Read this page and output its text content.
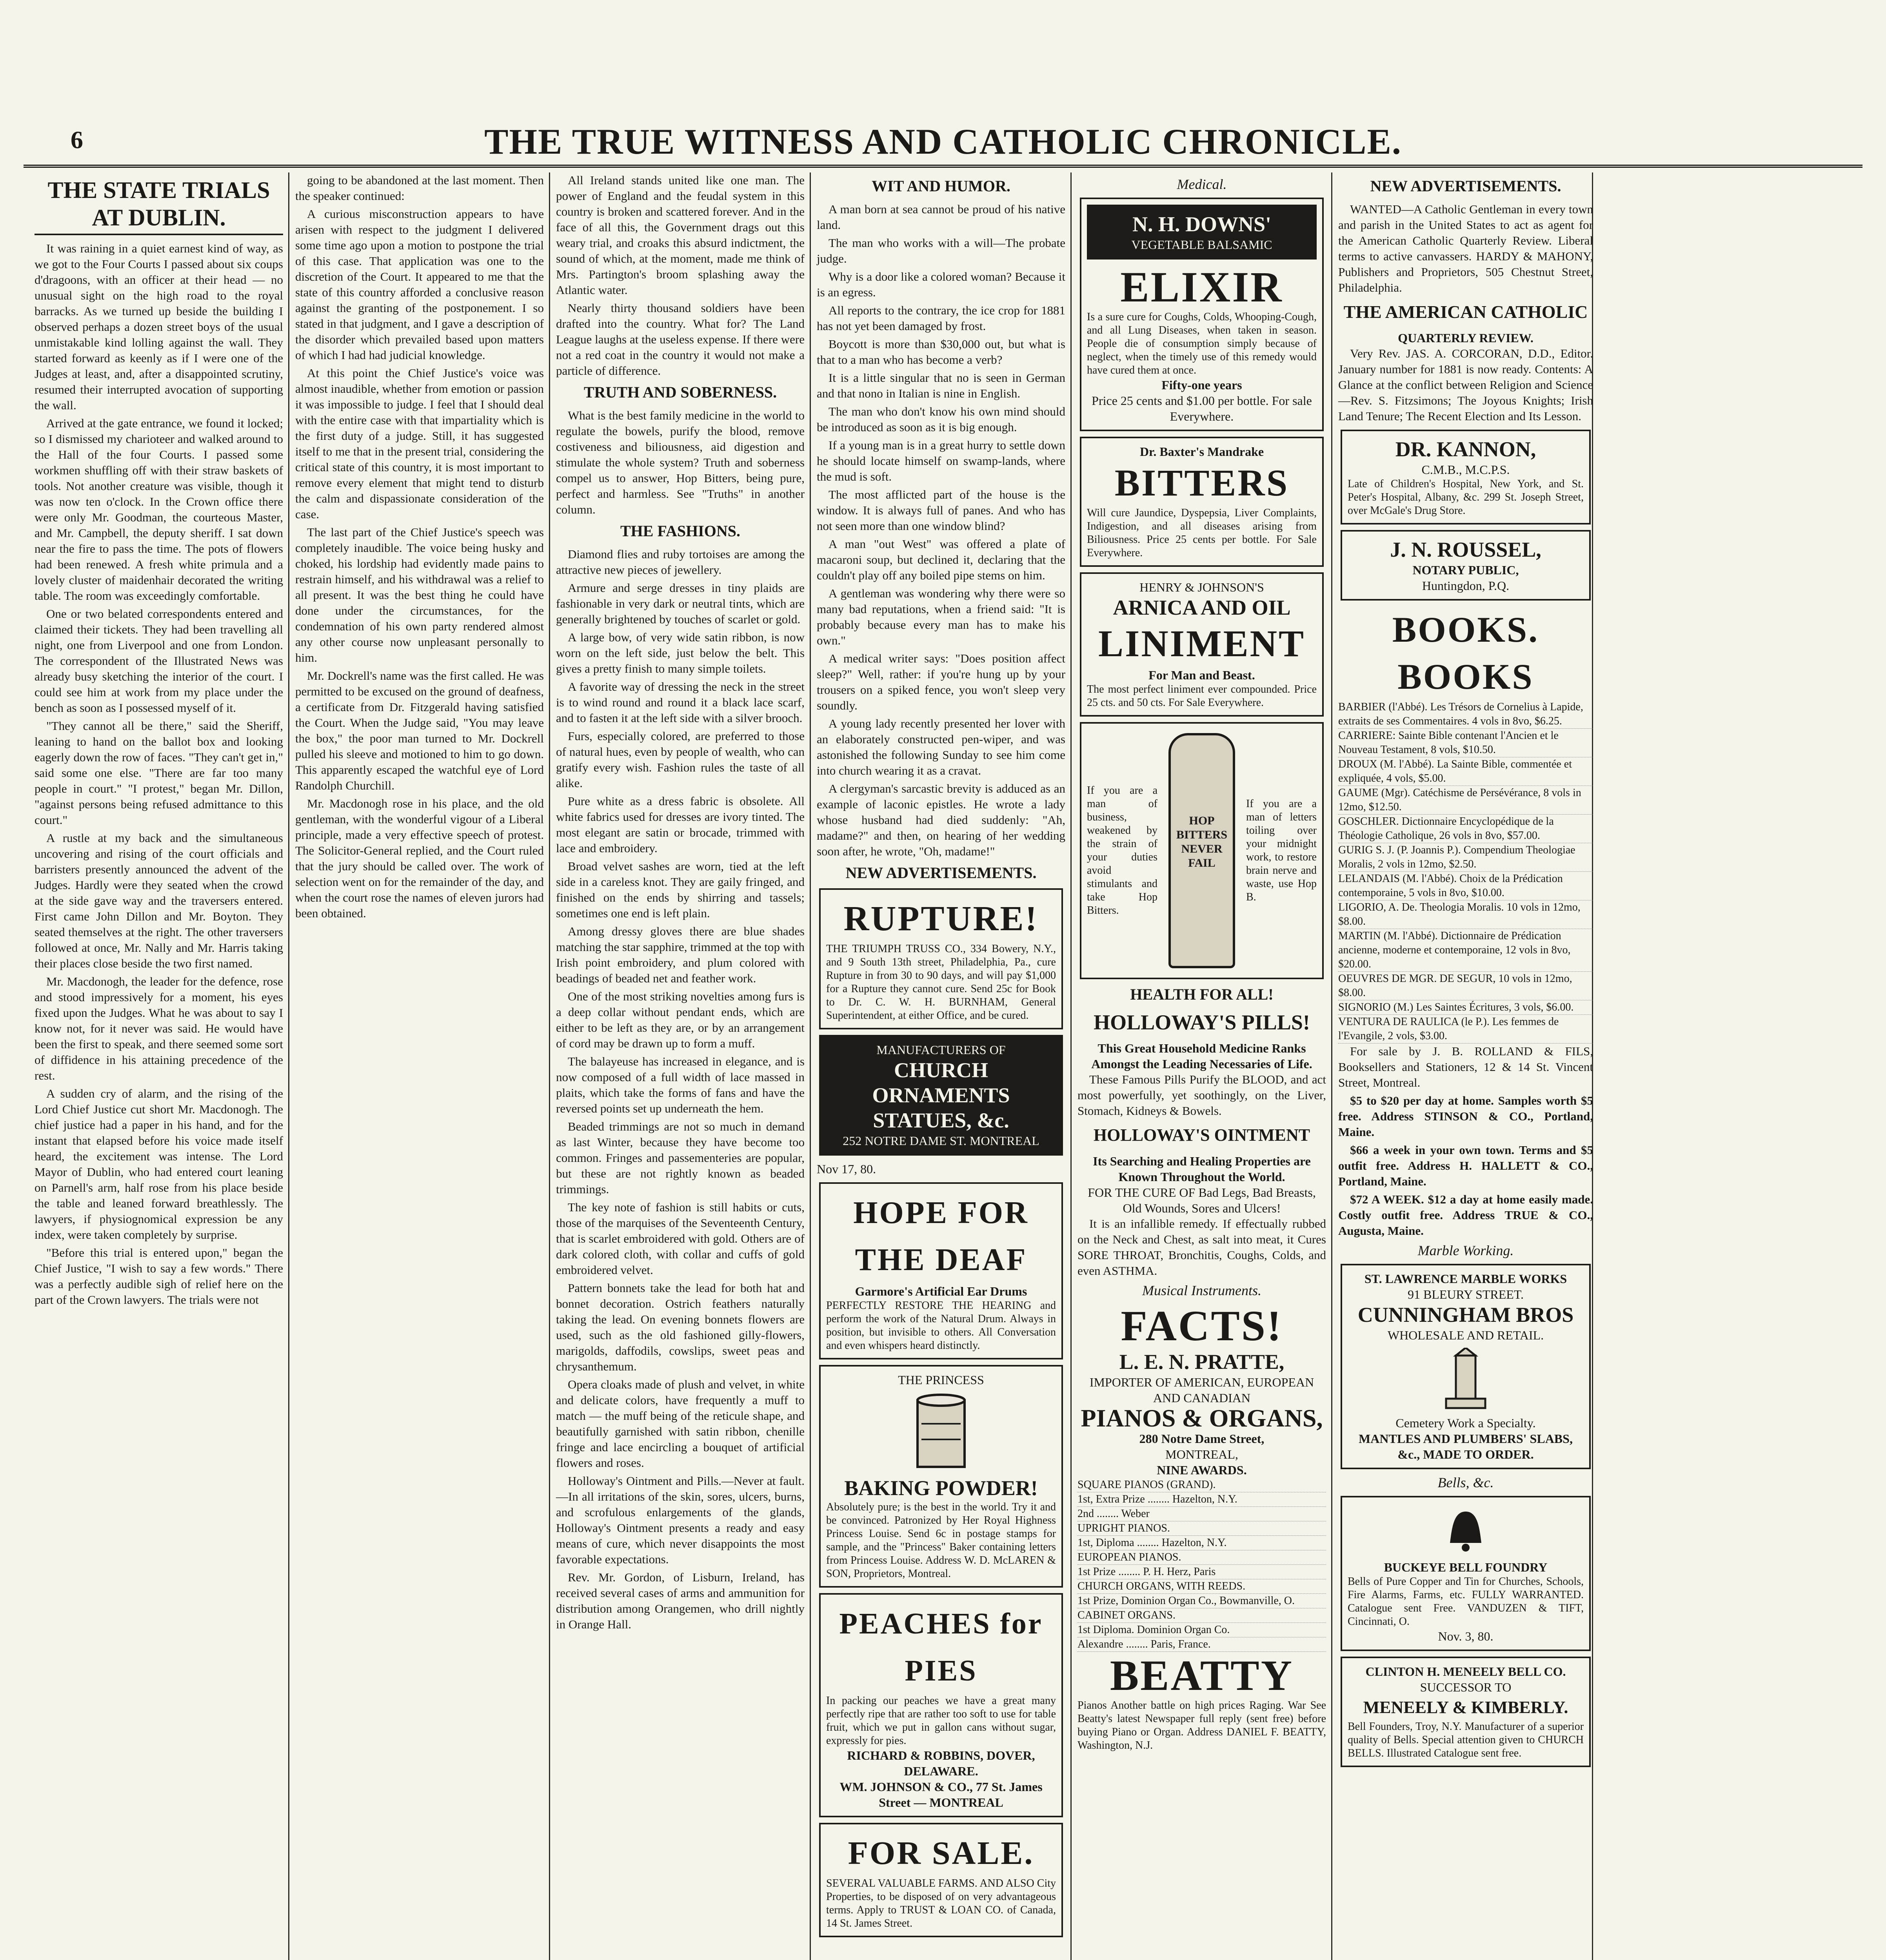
6	THE TRUE WITNESS AND CATHOLIC CHRONICLE.
THE STATE TRIALS AT DUBLIN.

It was raining in a quiet earnest kind of way, as we got to the Four Courts I passed about six coups d'dragoons, with an officer at their head — no unusual sight on the high road to the royal barracks. As we turned up beside the building I observed perhaps a dozen street boys of the usual unmistakable kind lolling against the wall. They started forward as keenly as if I were one of the Judges at least, and, after a disappointed scrutiny, resumed their interrupted avocation of supporting the wall.

Arrived at the gate entrance, we found it locked; so I dismissed my charioteer and walked around to the Hall of the four Courts. I passed some workmen shuffling off with their straw baskets of tools. Not another creature was visible, though it was now ten o'clock. In the Crown office there were only Mr. Goodman, the courteous Master, and Mr. Campbell, the deputy sheriff. I sat down near the fire to pass the time. The pots of flowers had been renewed. A fresh white primula and a lovely cluster of maidenhair decorated the writing table. The room was exceedingly comfortable.

One or two belated correspondents entered and claimed their tickets. They had been travelling all night, one from Liverpool and one from London. The correspondent of the Illustrated News was already busy sketching the interior of the court. I could see him at work from my place under the bench as soon as I possessed myself of it.

"They cannot all be there," said the Sheriff, leaning to hand on the ballot box and looking eagerly down the row of faces. "They can't get in," said some one else. "There are far too many people in court." "I protest," began Mr. Dillon, "against persons being refused admittance to this court."

A rustle at my back and the simultaneous uncovering and rising of the court officials and barristers presently announced the advent of the Judges. Hardly were they seated when the crowd at the side gave way and the traversers entered. First came John Dillon and Mr. Boyton. They seated themselves at the right. The other traversers followed at once, Mr. Nally and Mr. Harris taking their places close beside the two first named.

Mr. Macdonogh, the leader for the defence, rose and stood impressively for a moment, his eyes fixed upon the Judges. What he was about to say I know not, for it never was said. He would have been the first to speak, and there seemed some sort of diffidence in his attaining precedence of the rest.

A sudden cry of alarm, and the rising of the Lord Chief Justice cut short Mr. Macdonogh. The chief justice had a paper in his hand, and for the instant that elapsed before his voice made itself heard, the excitement was intense. The Lord Mayor of Dublin, who had entered court leaning on Parnell's arm, half rose from his place beside the table and leaned forward breathlessly. The lawyers, if physiognomical expression be any index, were taken completely by surprise.

"Before this trial is entered upon," began the Chief Justice, "I wish to say a few words." There was a perfectly audible sigh of relief here on the part of the Crown lawyers. The trials were not

going to be abandoned at the last moment. Then the speaker continued:

A curious misconstruction appears to have arisen with respect to the judgment I delivered some time ago upon a motion to postpone the trial of this case. That application was one to the discretion of the Court. It appeared to me that the state of this country afforded a conclusive reason against the granting of the postponement. I so stated in that judgment, and I gave a description of the disorder which prevailed based upon matters of which I had had judicial knowledge.

At this point the Chief Justice's voice was almost inaudible, whether from emotion or passion it was impossible to judge. I feel that I should deal with the entire case with that impartiality which is the first duty of a judge. Still, it has suggested itself to me that in the present trial, considering the critical state of this country, it is most important to remove every element that might tend to disturb the calm and dispassionate consideration of the case.

The last part of the Chief Justice's speech was completely inaudible. The voice being husky and choked, his lordship had evidently made pains to restrain himself, and his withdrawal was a relief to all present. It was the best thing he could have done under the circumstances, for the condemnation of his own party rendered almost any other course now unpleasant personally to him.

Mr. Dockrell's name was the first called. He was permitted to be excused on the ground of deafness, a certificate from Dr. Fitzgerald having satisfied the Court. When the Judge said, "You may leave the box," the poor man turned to Mr. Dockrell pulled his sleeve and motioned to him to go down. This apparently escaped the watchful eye of Lord Randolph Churchill.

Mr. Macdonogh rose in his place, and the old gentleman, with the wonderful vigour of a Liberal principle, made a very effective speech of protest. The Solicitor-General replied, and the Court ruled that the jury should be called over. The work of selection went on for the remainder of the day, and when the court rose the names of eleven jurors had been obtained.

All Ireland stands united like one man. The power of England and the feudal system in this country is broken and scattered forever. And in the face of all this, the Government drags out this weary trial, and croaks this absurd indictment, the sound of which, at the moment, made me think of Mrs. Partington's broom splashing away the Atlantic water.

Nearly thirty thousand soldiers have been drafted into the country. What for? The Land League laughs at the useless expense. If there were not a red coat in the country it would not make a particle of difference.

TRUTH AND SOBERNESS.

What is the best family medicine in the world to regulate the bowels, purify the blood, remove costiveness and biliousness, aid digestion and stimulate the whole system? Truth and soberness compel us to answer, Hop Bitters, being pure, perfect and harmless. See "Truths" in another column.

THE FASHIONS.

Diamond flies and ruby tortoises are among the attractive new pieces of jewellery.

Armure and serge dresses in tiny plaids are fashionable in very dark or neutral tints, which are generally brightened by touches of scarlet or gold.

A large bow, of very wide satin ribbon, is now worn on the left side, just below the belt. This gives a pretty finish to many simple toilets.

A favorite way of dressing the neck in the street is to wind round and round it a black lace scarf, and to fasten it at the left side with a silver brooch.

Furs, especially colored, are preferred to those of natural hues, even by people of wealth, who can gratify every wish. Fashion rules the taste of all alike.

Pure white as a dress fabric is obsolete. All white fabrics used for dresses are ivory tinted. The most elegant are satin or brocade, trimmed with lace and embroidery.

Broad velvet sashes are worn, tied at the left side in a careless knot. They are gaily fringed, and finished on the ends by shirring and tassels; sometimes one end is left plain.

Among dressy gloves there are blue shades matching the star sapphire, trimmed at the top with Irish point embroidery, and plum colored with beadings of beaded net and feather work.

One of the most striking novelties among furs is a deep collar without pendant ends, which are either to be left as they are, or by an arrangement of cord may be drawn up to form a muff.

The balayeuse has increased in elegance, and is now composed of a full width of lace massed in plaits, which take the forms of fans and have the reversed points set up underneath the hem.

Beaded trimmings are not so much in demand as last Winter, because they have become too common. Fringes and passementeries are popular, but these are not rightly known as beaded trimmings.

The key note of fashion is still habits or cuts, those of the marquises of the Seventeenth Century, that is scarlet embroidered with gold. Others are of dark colored cloth, with collar and cuffs of gold embroidered velvet.

Pattern bonnets take the lead for both hat and bonnet decoration. Ostrich feathers naturally taking the lead. On evening bonnets flowers are used, such as the old fashioned gilly-flowers, marigolds, daffodils, cowslips, sweet peas and chrysanthemum.

Opera cloaks made of plush and velvet, in white and delicate colors, have frequently a muff to match — the muff being of the reticule shape, and beautifully garnished with satin ribbon, chenille fringe and lace encircling a bouquet of artificial flowers and roses.

Holloway's Ointment and Pills.—Never at fault.—In all irritations of the skin, sores, ulcers, burns, and scrofulous enlargements of the glands, Holloway's Ointment presents a ready and easy means of cure, which never disappoints the most favorable expectations.

Rev. Mr. Gordon, of Lisburn, Ireland, has received several cases of arms and ammunition for distribution among Orangemen, who drill nightly in Orange Hall.

WIT AND HUMOR.

A man born at sea cannot be proud of his native land.

The man who works with a will—The probate judge.

Why is a door like a colored woman? Because it is an egress.

All reports to the contrary, the ice crop for 1881 has not yet been damaged by frost.

Boycott is more than $30,000 out, but what is that to a man who has become a verb?

It is a little singular that no is seen in German and that nono in Italian is nine in English.

The man who don't know his own mind should be introduced as soon as it is big enough.

If a young man is in a great hurry to settle down he should locate himself on swamp-lands, where the mud is soft.

The most afflicted part of the house is the window. It is always full of panes. And who has not seen more than one window blind?

A man "out West" was offered a plate of macaroni soup, but declined it, declaring that the couldn't play off any boiled pipe stems on him.

A gentleman was wondering why there were so many bad reputations, when a friend said: "It is probably because every man has to make his own."

A medical writer says: "Does position affect sleep?" Well, rather: if you're hung up by your trousers on a spiked fence, you won't sleep very soundly.

A young lady recently presented her lover with an elaborately constructed pen-wiper, and was astonished the following Sunday to see him come into church wearing it as a cravat.

A clergyman's sarcastic brevity is adduced as an example of laconic epistles. He wrote a lady whose husband had died suddenly: "Ah, madame?" and then, on hearing of her wedding soon after, he wrote, "Oh, madame!"

NEW ADVERTISEMENTS.
RUPTURE!
THE TRIUMPH TRUSS CO., 334 Bowery, N.Y., and 9 South 13th street, Philadelphia, Pa., cure Rupture in from 30 to 90 days, and will pay $1,000 for a Rupture they cannot cure. Send 25c for Book to Dr. C. W. H. BURNHAM, General Superintendent, at either Office, and be cured.
MANUFACTURERS OF
CHURCH ORNAMENTS
STATUES, &c.
252 NOTRE DAME ST. MONTREAL
Nov 17, 80.
HOPE FOR THE DEAF
Garmore's Artificial Ear Drums
PERFECTLY RESTORE THE HEARING and perform the work of the Natural Drum. Always in position, but invisible to others. All Conversation and even whispers heard distinctly.
THE PRINCESS
BAKING POWDER!
Absolutely pure; is the best in the world. Try it and be convinced. Patronized by Her Royal Highness Princess Louise. Send 6c in postage stamps for sample, and the "Princess" Baker containing letters from Princess Louise. Address W. D. McLAREN & SON, Proprietors, Montreal.
PEACHES for PIES
In packing our peaches we have a great many perfectly ripe that are rather too soft to use for table fruit, which we put in gallon cans without sugar, expressly for pies.
RICHARD & ROBBINS, DOVER, DELAWARE.
WM. JOHNSON & CO., 77 St. James Street — MONTREAL
FOR SALE.
SEVERAL VALUABLE FARMS. AND ALSO City Properties, to be disposed of on very advantageous terms. Apply to TRUST & LOAN CO. of Canada, 14 St. James Street.
Medical.
N. H. DOWNS'
VEGETABLE BALSAMIC
ELIXIR
Is a sure cure for Coughs, Colds, Whooping-Cough, and all Lung Diseases, when taken in season. People die of consumption simply because of neglect, when the timely use of this remedy would have cured them at once.
Fifty-one years
Price 25 cents and $1.00 per bottle. For sale Everywhere.
Dr. Baxter's Mandrake
BITTERS
Will cure Jaundice, Dyspepsia, Liver Complaints, Indigestion, and all diseases arising from Biliousness. Price 25 cents per bottle. For Sale Everywhere.
HENRY & JOHNSON'S
ARNICA AND OIL
LINIMENT
For Man and Beast.
The most perfect liniment ever compounded. Price 25 cts. and 50 cts. For Sale Everywhere.
If you are a man of business, weakened by the strain of your duties avoid stimulants and take Hop Bitters.
HOP BITTERS
NEVER FAIL
If you are a man of letters toiling over your midnight work, to restore brain nerve and waste, use Hop B.
HEALTH FOR ALL!
HOLLOWAY'S PILLS!
This Great Household Medicine Ranks Amongst the Leading Necessaries of Life.

These Famous Pills Purify the BLOOD, and act most powerfully, yet soothingly, on the Liver, Stomach, Kidneys & Bowels.

HOLLOWAY'S OINTMENT
Its Searching and Healing Properties are Known Throughout the World.
FOR THE CURE OF Bad Legs, Bad Breasts, Old Wounds, Sores and Ulcers!

It is an infallible remedy. If effectually rubbed on the Neck and Chest, as salt into meat, it Cures SORE THROAT, Bronchitis, Coughs, Colds, and even ASTHMA.

Musical Instruments.
FACTS!
L. E. N. PRATTE,
IMPORTER OF AMERICAN, EUROPEAN AND CANADIAN
PIANOS & ORGANS,
280 Notre Dame Street,
MONTREAL,
NINE AWARDS.
SQUARE PIANOS (GRAND).
1st, Extra Prize ........ Hazelton, N.Y.
2nd ........ Weber
UPRIGHT PIANOS.
1st, Diploma ........ Hazelton, N.Y.
EUROPEAN PIANOS.
1st Prize ........ P. H. Herz, Paris
CHURCH ORGANS, WITH REEDS.
1st Prize, Dominion Organ Co., Bowmanville, O.
CABINET ORGANS.
1st Diploma. Dominion Organ Co.
Alexandre ........ Paris, France.
BEATTY
Pianos Another battle on high prices Raging. War See Beatty's latest Newspaper full reply (sent free) before buying Piano or Organ. Address DANIEL F. BEATTY, Washington, N.J.
NEW ADVERTISEMENTS.

WANTED—A Catholic Gentleman in every town and parish in the United States to act as agent for the American Catholic Quarterly Review. Liberal terms to active canvassers. HARDY & MAHONY, Publishers and Proprietors, 505 Chestnut Street, Philadelphia.

THE AMERICAN CATHOLIC
QUARTERLY REVIEW.

Very Rev. JAS. A. CORCORAN, D.D., Editor. January number for 1881 is now ready. Contents: A Glance at the conflict between Religion and Science—Rev. S. Fitzsimons; The Joyous Knights; Irish Land Tenure; The Recent Election and Its Lesson.

DR. KANNON,
C.M.B., M.C.P.S.
Late of Children's Hospital, New York, and St. Peter's Hospital, Albany, &c. 299 St. Joseph Street, over McGale's Drug Store.
J. N. ROUSSEL,
NOTARY PUBLIC,
Huntingdon, P.Q.
BOOKS. BOOKS
BARBIER (l'Abbé). Les Trésors de Cornelius à Lapide, extraits de ses Commentaires. 4 vols in 8vo, $6.25.
CARRIERE: Sainte Bible contenant l'Ancien et le Nouveau Testament, 8 vols, $10.50.
DROUX (M. l'Abbé). La Sainte Bible, commentée et expliquée, 4 vols, $5.00.
GAUME (Mgr). Catéchisme de Persévérance, 8 vols in 12mo, $12.50.
GOSCHLER. Dictionnaire Encyclopédique de la Théologie Catholique, 26 vols in 8vo, $57.00.
GURIG S. J. (P. Joannis P.). Compendium Theologiae Moralis, 2 vols in 12mo, $2.50.
LELANDAIS (M. l'Abbé). Choix de la Prédication contemporaine, 5 vols in 8vo, $10.00.
LIGORIO, A. De. Theologia Moralis. 10 vols in 12mo, $8.00.
MARTIN (M. l'Abbé). Dictionnaire de Prédication ancienne, moderne et contemporaine, 12 vols in 8vo, $20.00.
OEUVRES DE MGR. DE SEGUR, 10 vols in 12mo, $8.00.
SIGNORIO (M.) Les Saintes Écritures, 3 vols, $6.00.
VENTURA DE RAULICA (le P.). Les femmes de l'Evangile, 2 vols, $3.00.

For sale by J. B. ROLLAND & FILS, Booksellers and Stationers, 12 & 14 St. Vincent Street, Montreal.

$5 to $20 per day at home. Samples worth $5 free. Address STINSON & CO., Portland, Maine.

$66 a week in your own town. Terms and $5 outfit free. Address H. HALLETT & CO., Portland, Maine.

$72 A WEEK. $12 a day at home easily made. Costly outfit free. Address TRUE & CO., Augusta, Maine.

Marble Working.
ST. LAWRENCE MARBLE WORKS
91 BLEURY STREET.
CUNNINGHAM BROS
WHOLESALE AND RETAIL.
Cemetery Work a Specialty.
MANTLES AND PLUMBERS' SLABS, &c., MADE TO ORDER.
Bells, &c.
BUCKEYE BELL FOUNDRY
Bells of Pure Copper and Tin for Churches, Schools, Fire Alarms, Farms, etc. FULLY WARRANTED. Catalogue sent Free. VANDUZEN & TIFT, Cincinnati, O.
Nov. 3, 80.
CLINTON H. MENEELY BELL CO.
SUCCESSOR TO
MENEELY & KIMBERLY.
Bell Founders, Troy, N.Y. Manufacturer of a superior quality of Bells. Special attention given to CHURCH BELLS. Illustrated Catalogue sent free.
